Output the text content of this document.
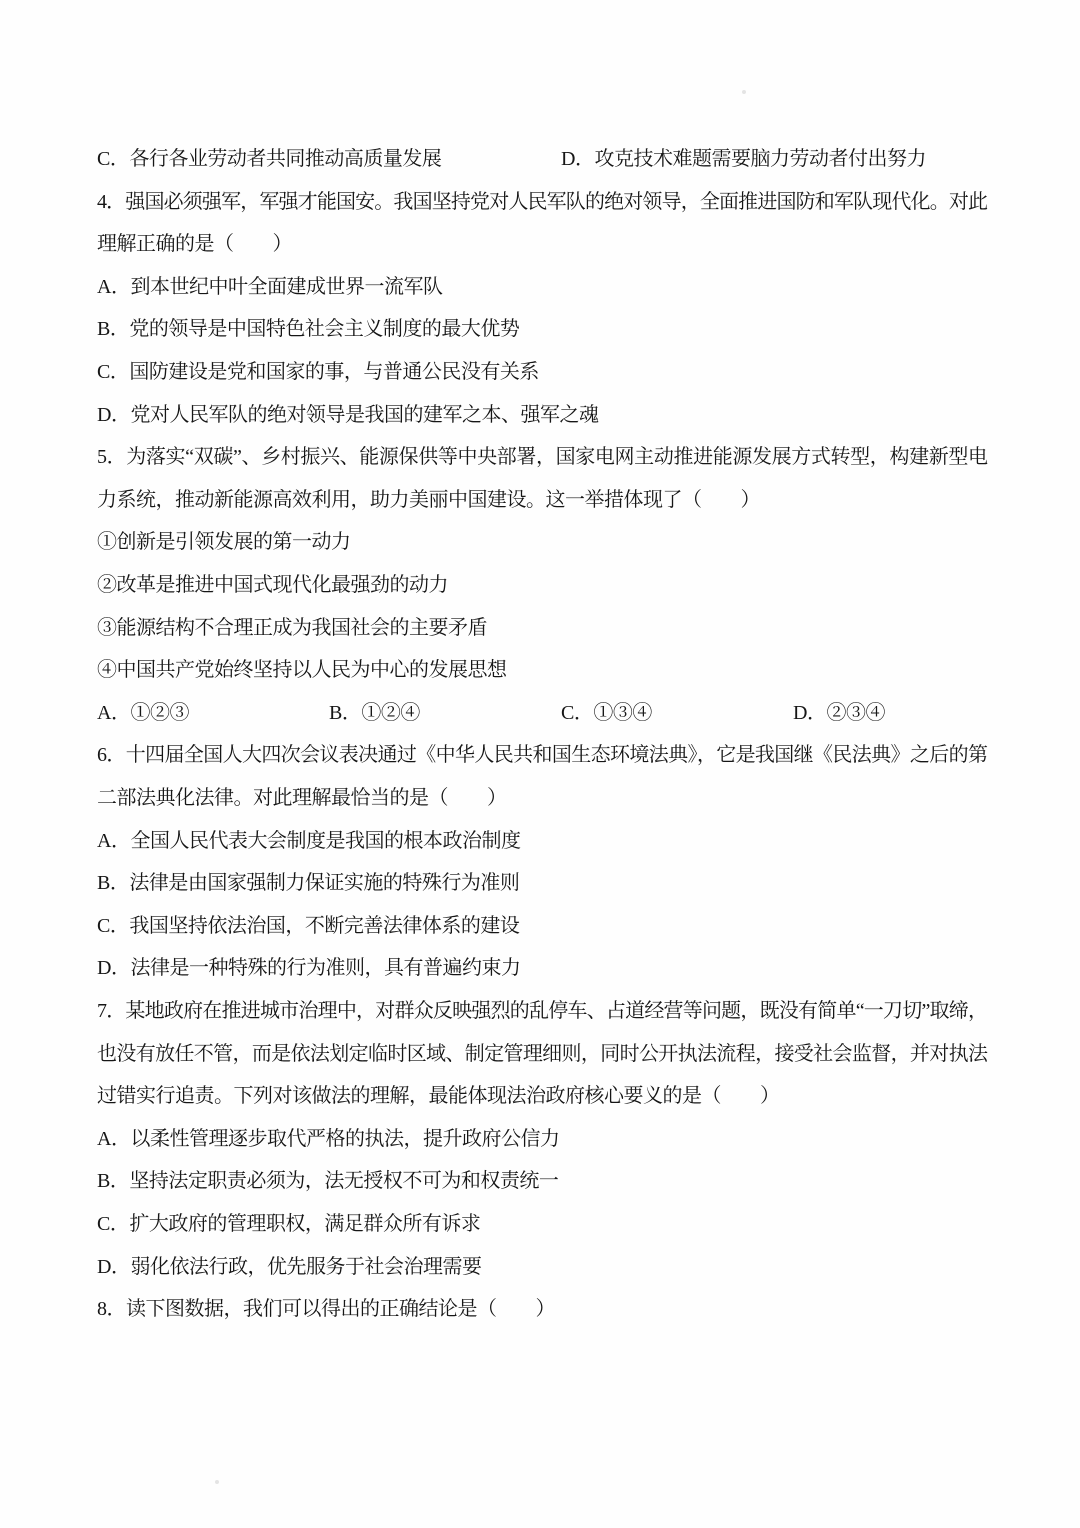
C．各行各业劳动者共同推动高质量发展	D．攻克技术难题需要脑力劳动者付出努力
4．强国必须强军，军强才能国安。我国坚持党对人民军队的绝对领导，全面推进国防和军队现代化。对此
理解正确的是（　　）
A．到本世纪中叶全面建成世界一流军队
B．党的领导是中国特色社会主义制度的最大优势
C．国防建设是党和国家的事，与普通公民没有关系
D．党对人民军队的绝对领导是我国的建军之本、强军之魂
5．为落实“双碳”、乡村振兴、能源保供等中央部署，国家电网主动推进能源发展方式转型，构建新型电
力系统，推动新能源高效利用，助力美丽中国建设。这一举措体现了（　　）
①创新是引领发展的第一动力
②改革是推进中国式现代化最强劲的动力
③能源结构不合理正成为我国社会的主要矛盾
④中国共产党始终坚持以人民为中心的发展思想
A．①②③	B．①②④	C．①③④	D．②③④
6．十四届全国人大四次会议表决通过《中华人民共和国生态环境法典》，它是我国继《民法典》之后的第
二部法典化法律。对此理解最恰当的是（　　）
A．全国人民代表大会制度是我国的根本政治制度
B．法律是由国家强制力保证实施的特殊行为准则
C．我国坚持依法治国，不断完善法律体系的建设
D．法律是一种特殊的行为准则，具有普遍约束力
7．某地政府在推进城市治理中，对群众反映强烈的乱停车、占道经营等问题，既没有简单“一刀切”取缔，
也没有放任不管，而是依法划定临时区域、制定管理细则，同时公开执法流程，接受社会监督，并对执法
过错实行追责。下列对该做法的理解，最能体现法治政府核心要义的是（　　）
A．以柔性管理逐步取代严格的执法，提升政府公信力
B．坚持法定职责必须为，法无授权不可为和权责统一
C．扩大政府的管理职权，满足群众所有诉求
D．弱化依法行政，优先服务于社会治理需要
8．读下图数据，我们可以得出的正确结论是（　　）
